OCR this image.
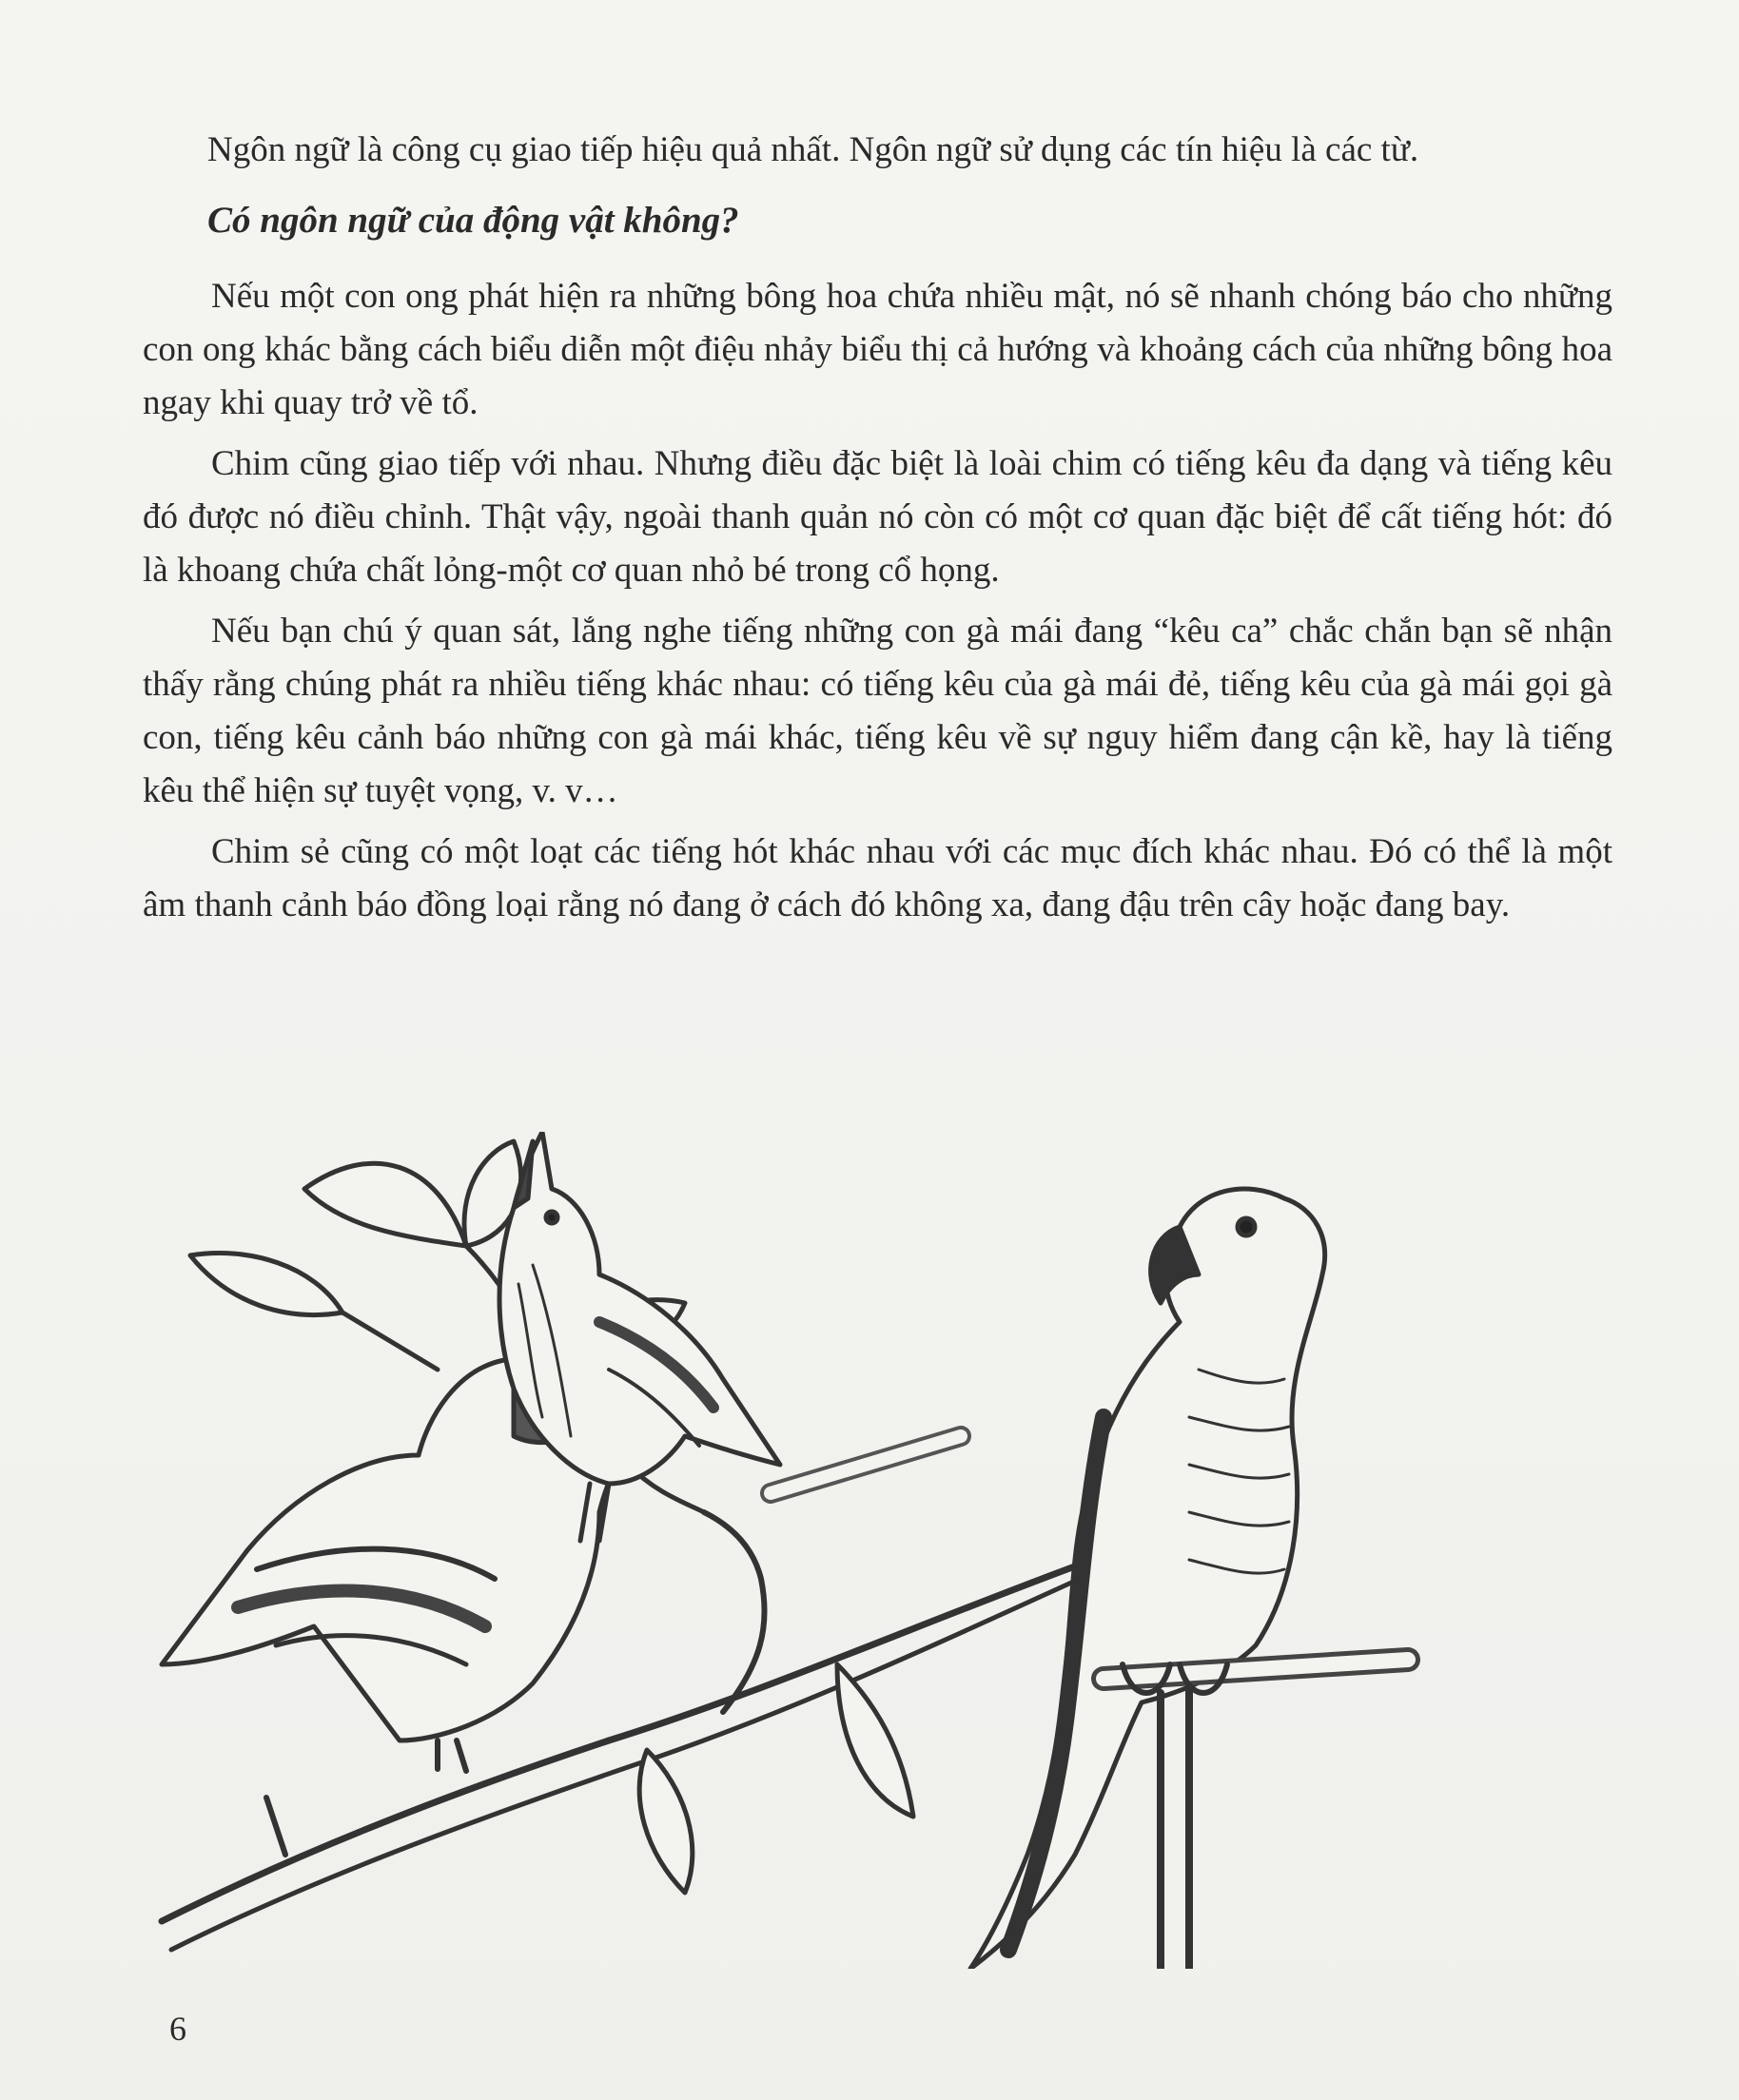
Ngôn ngữ là công cụ giao tiếp hiệu quả nhất. Ngôn ngữ sử dụng các tín hiệu là các từ.

Có ngôn ngữ của động vật không?

Nếu một con ong phát hiện ra những bông hoa chứa nhiều mật, nó sẽ nhanh chóng báo cho những con ong khác bằng cách biểu diễn một điệu nhảy biểu thị cả hướng và khoảng cách của những bông hoa ngay khi quay trở về tổ.

Chim cũng giao tiếp với nhau. Nhưng điều đặc biệt là loài chim có tiếng kêu đa dạng và tiếng kêu đó được nó điều chỉnh. Thật vậy, ngoài thanh quản nó còn có một cơ quan đặc biệt để cất tiếng hót: đó là khoang chứa chất lỏng-một cơ quan nhỏ bé trong cổ họng.

Nếu bạn chú ý quan sát, lắng nghe tiếng những con gà mái đang “kêu ca” chắc chắn bạn sẽ nhận thấy rằng chúng phát ra nhiều tiếng khác nhau: có tiếng kêu của gà mái đẻ, tiếng kêu của gà mái gọi gà con, tiếng kêu cảnh báo những con gà mái khác, tiếng kêu về sự nguy hiểm đang cận kề, hay là tiếng kêu thể hiện sự tuyệt vọng, v. v…

Chim sẻ cũng có một loạt các tiếng hót khác nhau với các mục đích khác nhau. Đó có thể là một âm thanh cảnh báo đồng loại rằng nó đang ở cách đó không xa, đang đậu trên cây hoặc đang bay.

6
